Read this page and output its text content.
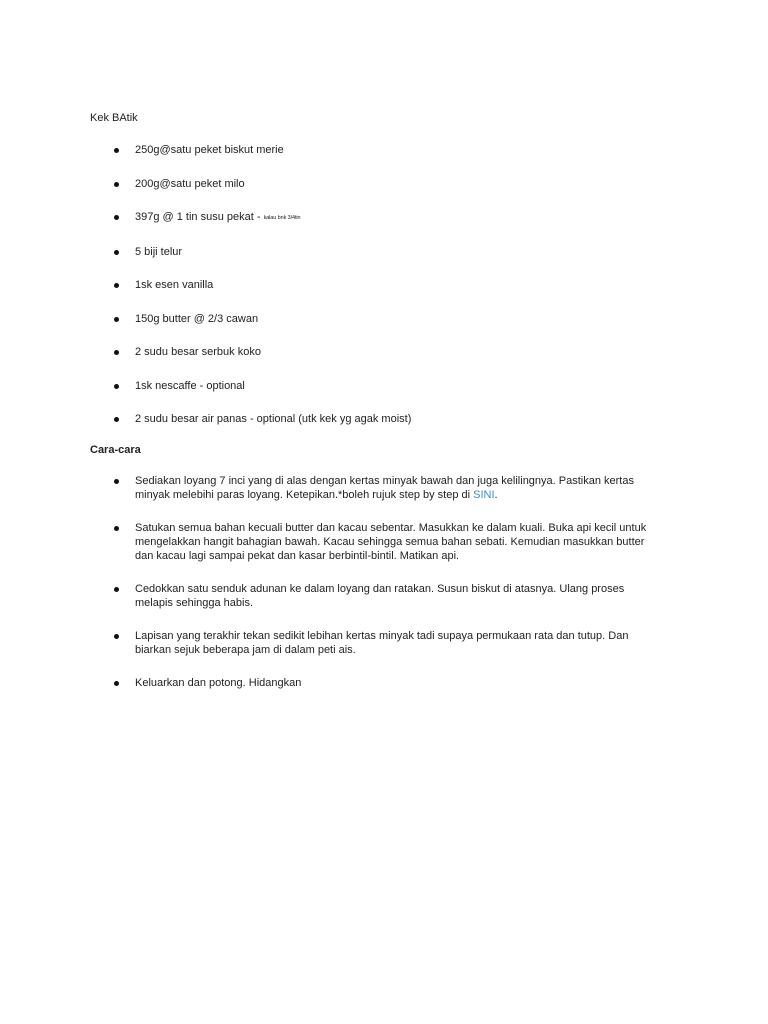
Kek BAtik
250g@satu peket biskut merie
200g@satu peket milo
397g @ 1 tin susu pekat - kalau bnk 3/4tin
5 biji telur
1sk esen vanilla
150g butter @ 2/3 cawan
2 sudu besar serbuk koko
1sk nescaffe - optional
2 sudu besar air panas - optional (utk kek yg agak moist)
Cara-cara
Sediakan loyang 7 inci yang di alas dengan kertas minyak bawah dan juga kelilingnya. Pastikan kertas minyak melebihi paras loyang. Ketepikan.*boleh rujuk step by step di SINI.
Satukan semua bahan kecuali butter dan kacau sebentar. Masukkan ke dalam kuali. Buka api kecil untuk mengelakkan hangit bahagian bawah. Kacau sehingga semua bahan sebati. Kemudian masukkan butter dan kacau lagi sampai pekat dan kasar berbintil-bintil. Matikan api.
Cedokkan satu senduk adunan ke dalam loyang dan ratakan. Susun biskut di atasnya. Ulang proses melapis sehingga habis.
Lapisan yang terakhir tekan sedikit lebihan kertas minyak tadi supaya permukaan rata dan tutup. Dan biarkan sejuk beberapa jam di dalam peti ais.
Keluarkan dan potong. Hidangkan
